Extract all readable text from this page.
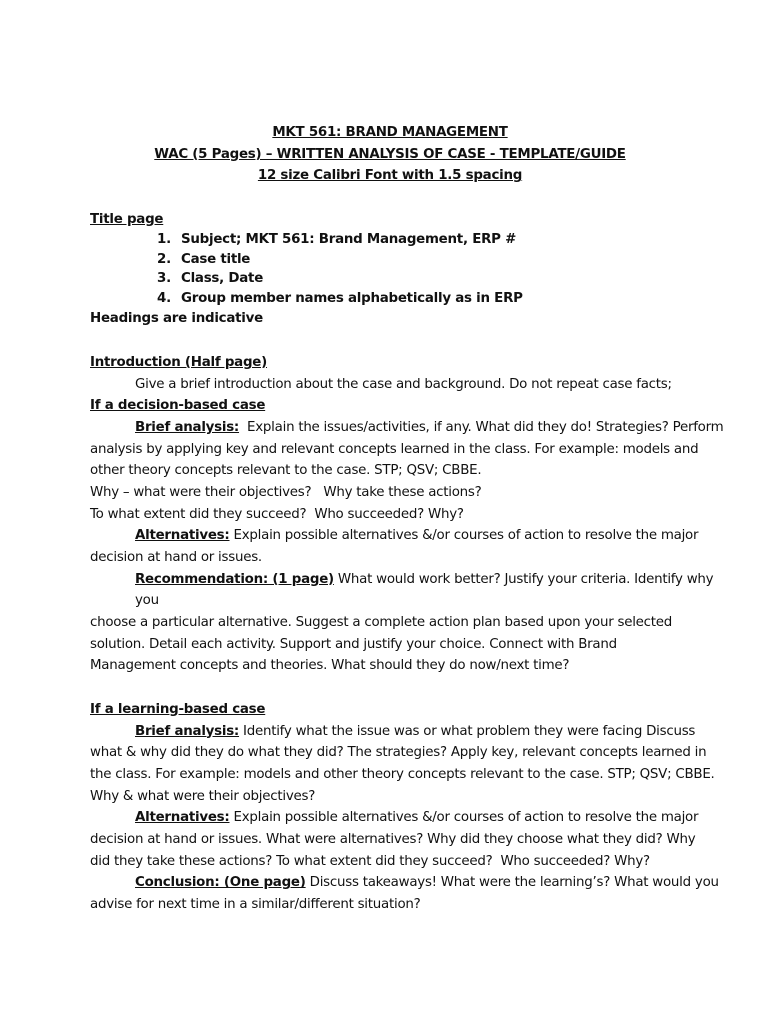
MKT 561: BRAND MANAGEMENT
WAC (5 Pages) – WRITTEN ANALYSIS OF CASE - TEMPLATE/GUIDE
12 size Calibri Font with 1.5 spacing
Title page
1. Subject; MKT 561: Brand Management, ERP #
2. Case title
3. Class, Date
4. Group member names alphabetically as in ERP
Headings are indicative
Introduction (Half page)
Give a brief introduction about the case and background. Do not repeat case facts;
If a decision-based case
Brief analysis:  Explain the issues/activities, if any. What did they do! Strategies? Perform
analysis by applying key and relevant concepts learned in the class. For example: models and
other theory concepts relevant to the case. STP; QSV; CBBE.
Why – what were their objectives?   Why take these actions?
To what extent did they succeed?  Who succeeded? Why?
Alternatives: Explain possible alternatives &/or courses of action to resolve the major
decision at hand or issues.
Recommendation: (1 page) What would work better? Justify your criteria. Identify why
you
choose a particular alternative. Suggest a complete action plan based upon your selected
solution. Detail each activity. Support and justify your choice. Connect with Brand
Management concepts and theories. What should they do now/next time?
If a learning-based case
Brief analysis: Identify what the issue was or what problem they were facing Discuss
what & why did they do what they did? The strategies? Apply key, relevant concepts learned in
the class. For example: models and other theory concepts relevant to the case. STP; QSV; CBBE.
Why & what were their objectives?
Alternatives: Explain possible alternatives &/or courses of action to resolve the major
decision at hand or issues. What were alternatives? Why did they choose what they did? Why
did they take these actions? To what extent did they succeed?  Who succeeded? Why?
Conclusion: (One page) Discuss takeaways! What were the learning’s? What would you
advise for next time in a similar/different situation?
